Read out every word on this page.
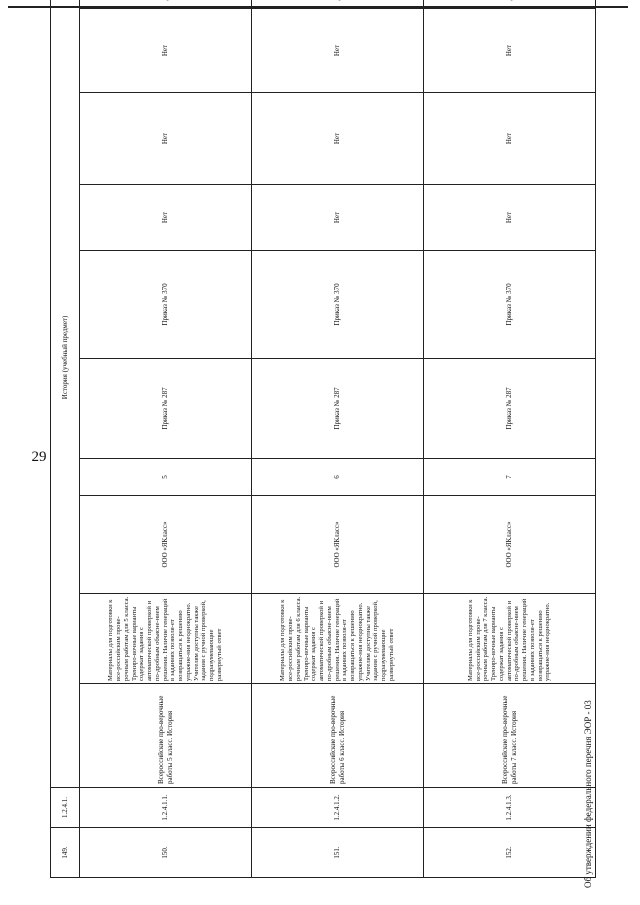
29
149.	1.2.4.1.	История (учебный предмет)									
150.	1.2.4.1.1.	Всероссийские про-верочные работы 5 класс. История	Материалы для подготовки к все-российским прове-рочным работам для 5 класса. Трениро-вочные варианты содержат задания с автоматической проверкой и по-дробным объясне-нием решения. Наличие генераций в заданиях позволя-ет возвращаться к решению упражне-ния неоднократно. Учителям доступны также задания с ручной проверкой, подразумевающие развернутый ответ	ООО «ЯКласс»	5	Приказ № 287	Приказ № 370	Нет	Нет	Нет	
151.	1.2.4.1.2.	Всероссийские про-верочные работы 6 класс. История	Материалы для подготовки к все-российским прове-рочным работам для 6 класса. Трениро-вочные варианты содержат задания с автоматической проверкой и по-дробным объясне-нием решения. Наличие генераций в заданиях позволя-ет возвращаться к решению упражне-ния неоднократно. Учителям доступны также задания с ручной проверкой, подразумевающие развернутый ответ	ООО «ЯКласс»	6	Приказ № 287	Приказ № 370	Нет	Нет	Нет	
152.	1.2.4.1.3.	Всероссийские про-верочные работы 7 класс. История	Материалы для подготовки к все-российским прове-рочным работам для 7 класса. Трениро-вочные варианты содержат задания с автоматической проверкой и по-дробным объясне-нием решения. Наличие генераций в заданиях позволя-ет возвращаться к решению упражне-ния неоднократно.	ООО «ЯКласс»	7	Приказ № 287	Приказ № 370	Нет	Нет	Нет	
Об утверждении федерального перечня ЭОР - 03
